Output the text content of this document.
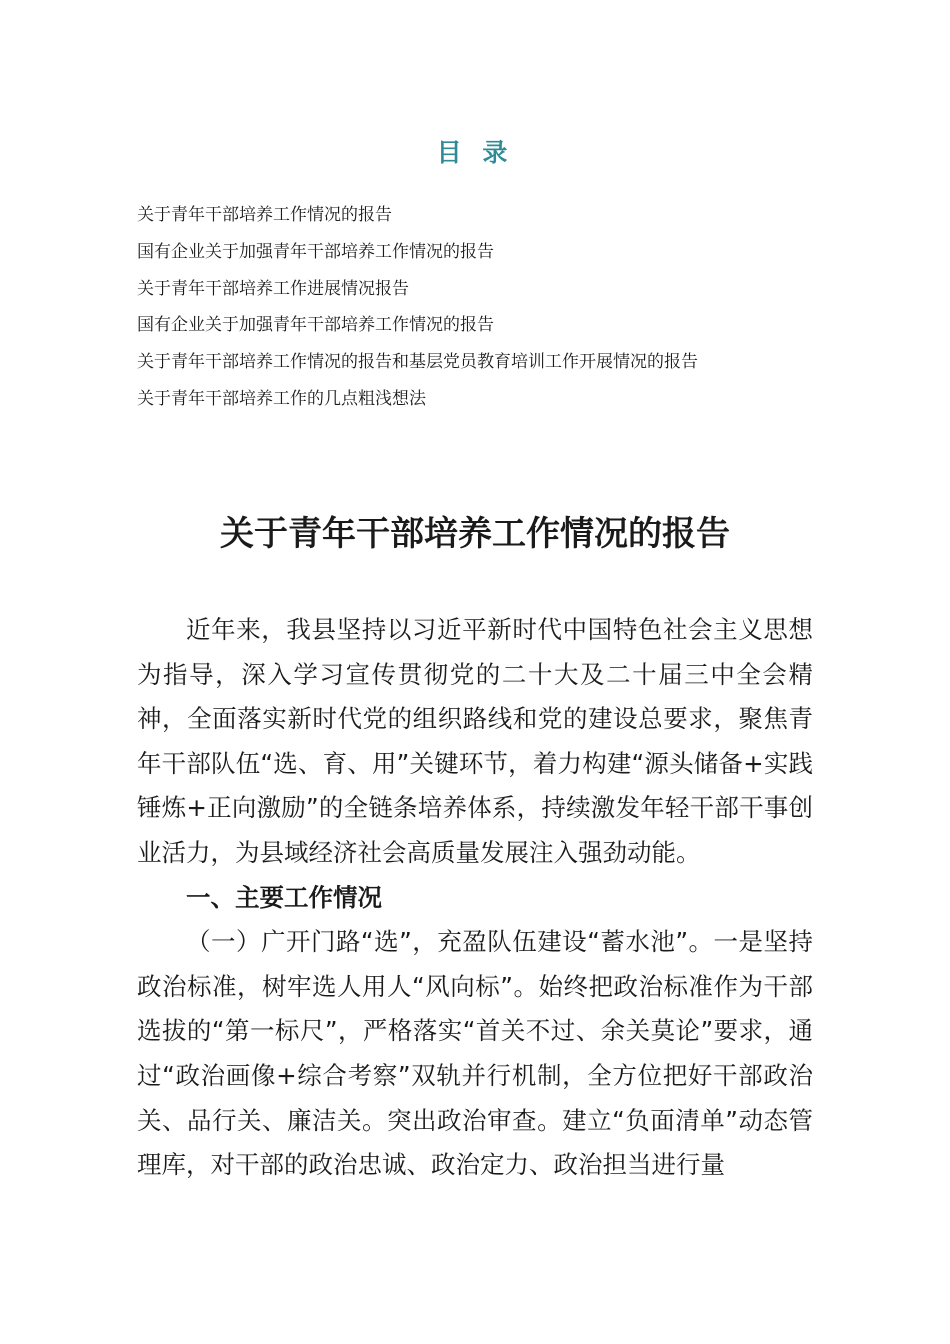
目 录
关于青年干部培养工作情况的报告
国有企业关于加强青年干部培养工作情况的报告
关于青年干部培养工作进展情况报告
国有企业关于加强青年干部培养工作情况的报告
关于青年干部培养工作情况的报告和基层党员教育培训工作开展情况的报告
关于青年干部培养工作的几点粗浅想法
关于青年干部培养工作情况的报告

近年来，我县坚持以习近平新时代中国特色社会主义思想为指导，深入学习宣传贯彻党的二十大及二十届三中全会精神，全面落实新时代党的组织路线和党的建设总要求，聚焦青年干部队伍“选、育、用”关键环节，着力构建“源头储备+实践锤炼+正向激励”的全链条培养体系，持续激发年轻干部干事创业活力，为县域经济社会高质量发展注入强劲动能。

一、主要工作情况

（一）广开门路“选”，充盈队伍建设“蓄水池”。一是坚持政治标准，树牢选人用人“风向标”。始终把政治标准作为干部选拔的“第一标尺”，严格落实“首关不过、余关莫论”要求，通过“政治画像+综合考察”双轨并行机制，全方位把好干部政治关、品行关、廉洁关。突出政治审查。建立“负面清单”动态管理库，对干部的政治忠诚、政治定力、政治担当进行量
